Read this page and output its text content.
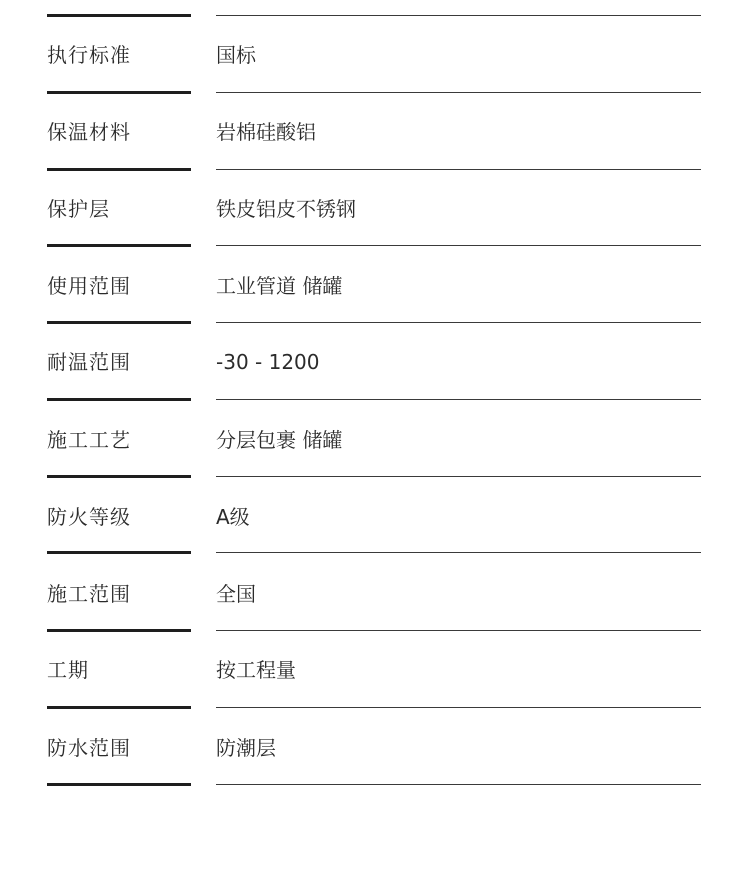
执行标准	国标
保温材料	岩棉硅酸铝
保护层	铁皮铝皮不锈钢
使用范围	工业管道 储罐
耐温范围	-30 - 1200
施工工艺	分层包裹 储罐
防火等级	A级
施工范围	全国
工期	按工程量
防水范围	防潮层
